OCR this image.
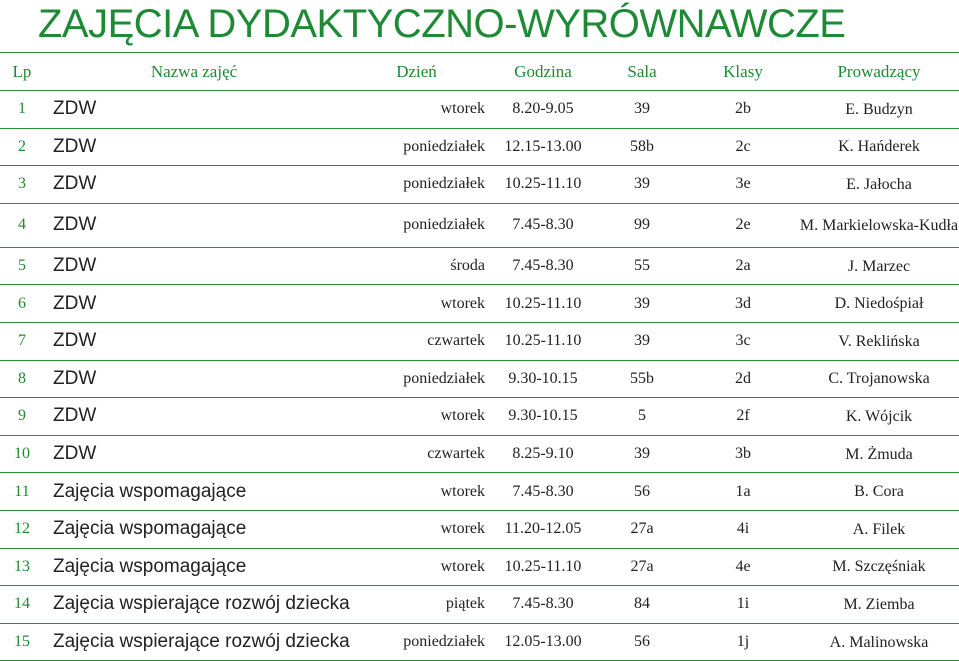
ZAJĘCIA DYDAKTYCZNO-WYRÓWNAWCZE
Lp	Nazwa zajęć	Dzień	Godzina	Sala	Klasy	Prowadzący
1	ZDW	wtorek	8.20-9.05	39	2b	E. Budzyn
2	ZDW	poniedziałek	12.15-13.00	58b	2c	K. Hańderek
3	ZDW	poniedziałek	10.25-11.10	39	3e	E. Jałocha
4	ZDW	poniedziałek	7.45-8.30	99	2e	M. Markielowska-Kudła
5	ZDW	środa	7.45-8.30	55	2a	J. Marzec
6	ZDW	wtorek	10.25-11.10	39	3d	D. Niedośpiał
7	ZDW	czwartek	10.25-11.10	39	3c	V. Reklińska
8	ZDW	poniedziałek	9.30-10.15	55b	2d	C. Trojanowska
9	ZDW	wtorek	9.30-10.15	5	2f	K. Wójcik
10	ZDW	czwartek	8.25-9.10	39	3b	M. Żmuda
11	Zajęcia wspomagające	wtorek	7.45-8.30	56	1a	B. Cora
12	Zajęcia wspomagające	wtorek	11.20-12.05	27a	4i	A. Filek
13	Zajęcia wspomagające	wtorek	10.25-11.10	27a	4e	M. Szczęśniak
14	Zajęcia wspierające rozwój dziecka	piątek	7.45-8.30	84	1i	M. Ziemba
15	Zajęcia wspierające rozwój dziecka	poniedziałek	12.05-13.00	56	1j	A. Malinowska
